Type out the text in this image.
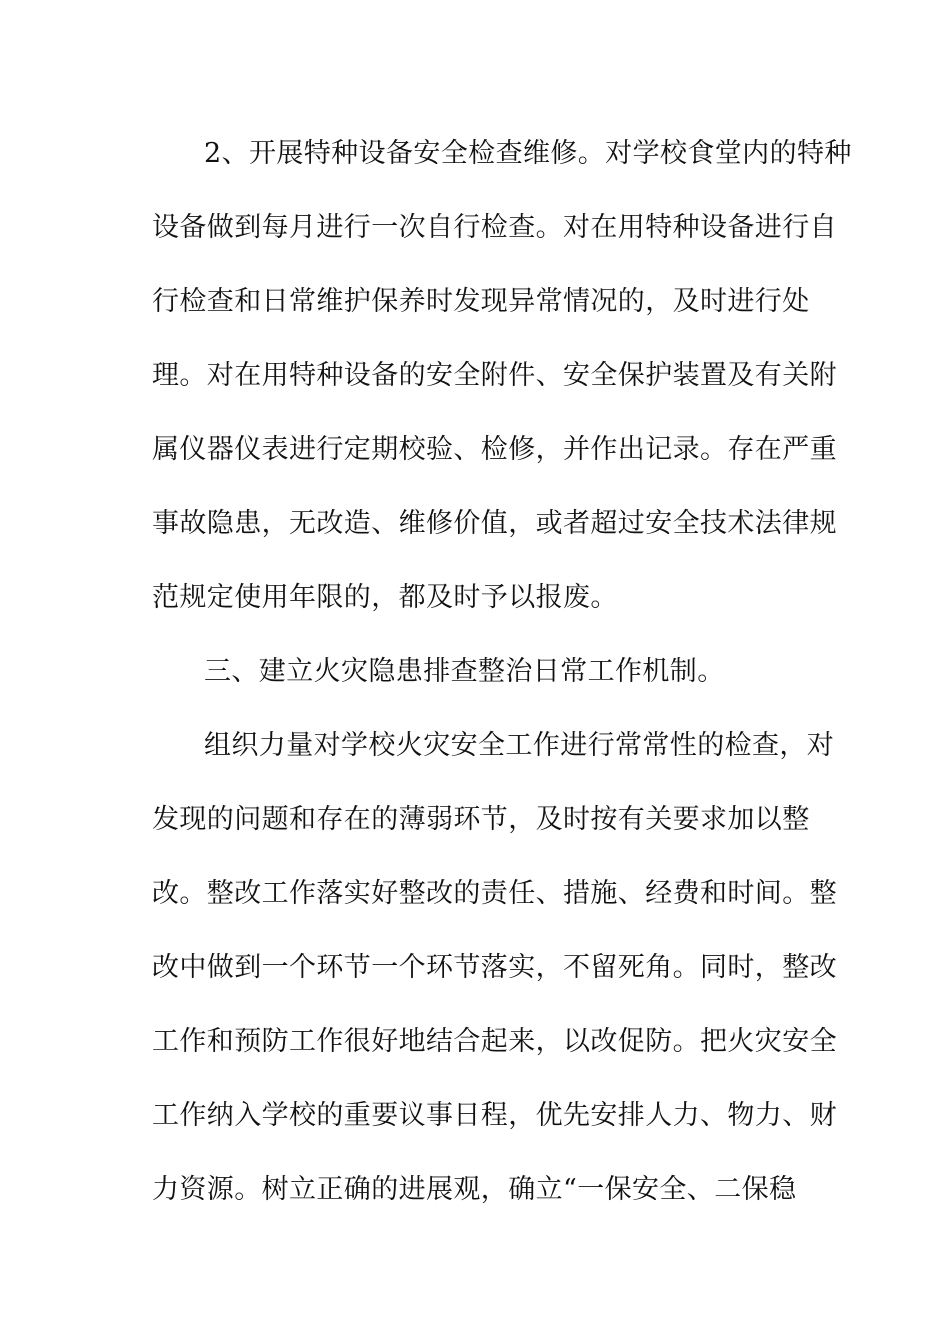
2、开展特种设备安全检查维修。对学校食堂内的特种
设备做到每月进行一次自行检查。对在用特种设备进行自
行检查和日常维护保养时发现异常情况的，及时进行处
理。对在用特种设备的安全附件、安全保护装置及有关附
属仪器仪表进行定期校验、检修，并作出记录。存在严重
事故隐患，无改造、维修价值，或者超过安全技术法律规
范规定使用年限的，都及时予以报废。
三、建立火灾隐患排查整治日常工作机制。
组织力量对学校火灾安全工作进行常常性的检查，对
发现的问题和存在的薄弱环节，及时按有关要求加以整
改。整改工作落实好整改的责任、措施、经费和时间。整
改中做到一个环节一个环节落实，不留死角。同时，整改
工作和预防工作很好地结合起来，以改促防。把火灾安全
工作纳入学校的重要议事日程，优先安排人力、物力、财
力资源。树立正确的进展观，确立“一保安全、二保稳
